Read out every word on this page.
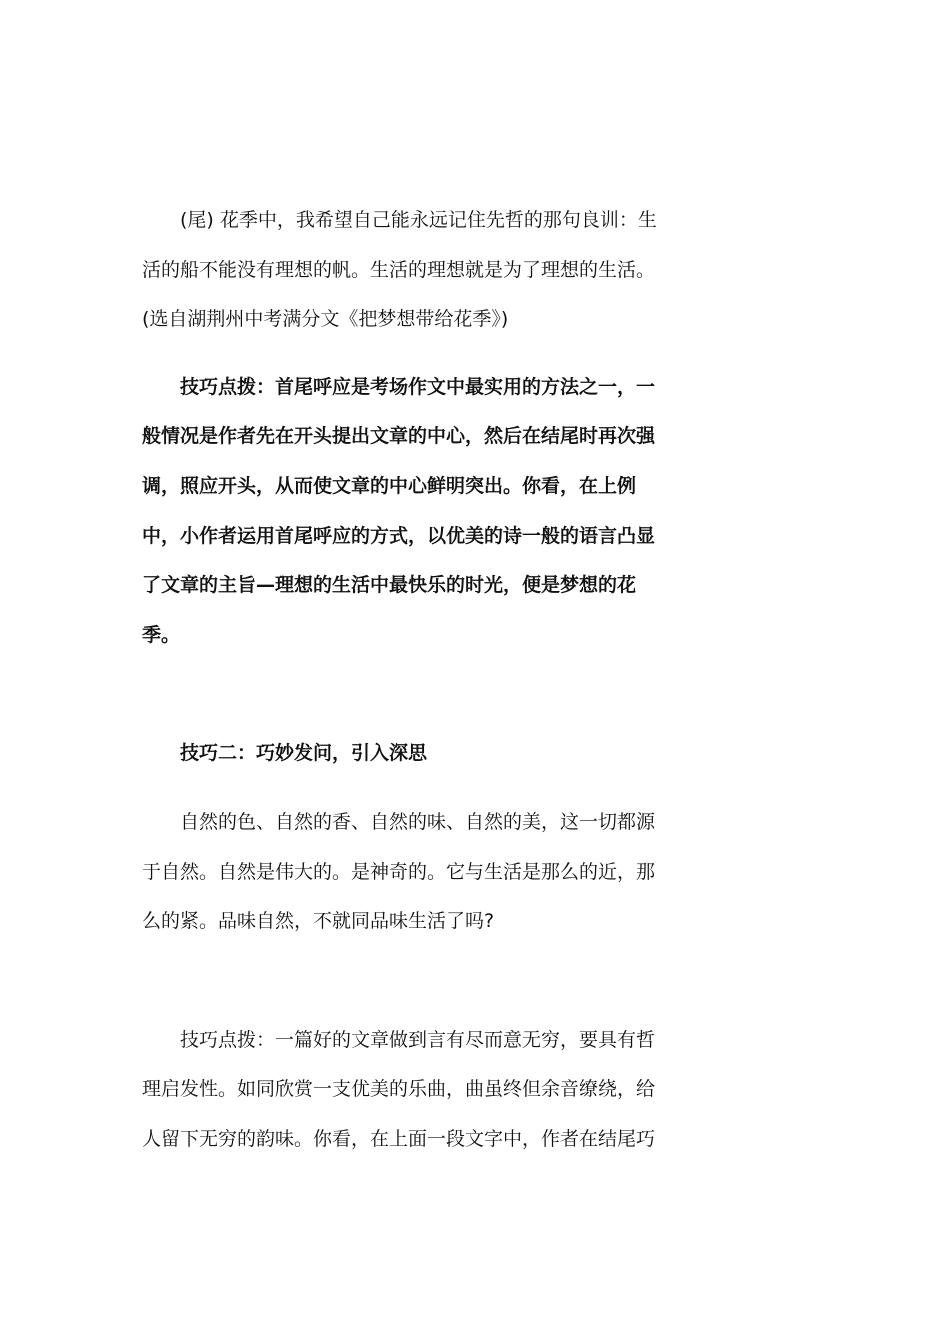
(尾) 花季中，我希望自己能永远记住先哲的那句良训：生活的船不能没有理想的帆。生活的理想就是为了理想的生活。(选自湖荆州中考满分文《把梦想带给花季》)

技巧点拨：首尾呼应是考场作文中最实用的方法之一，一般情况是作者先在开头提出文章的中心，然后在结尾时再次强调，照应开头，从而使文章的中心鲜明突出。你看，在上例中，小作者运用首尾呼应的方式，以优美的诗一般的语言凸显了文章的主旨—理想的生活中最快乐的时光，便是梦想的花季。

技巧二：巧妙发问，引入深思

自然的色、自然的香、自然的味、自然的美，这一切都源于自然。自然是伟大的。是神奇的。它与生活是那么的近，那么的紧。品味自然，不就同品味生活了吗?

技巧点拨：一篇好的文章做到言有尽而意无穷，要具有哲理启发性。如同欣赏一支优美的乐曲，曲虽终但余音缭绕，给人留下无穷的韵味。你看，在上面一段文字中，作者在结尾巧
